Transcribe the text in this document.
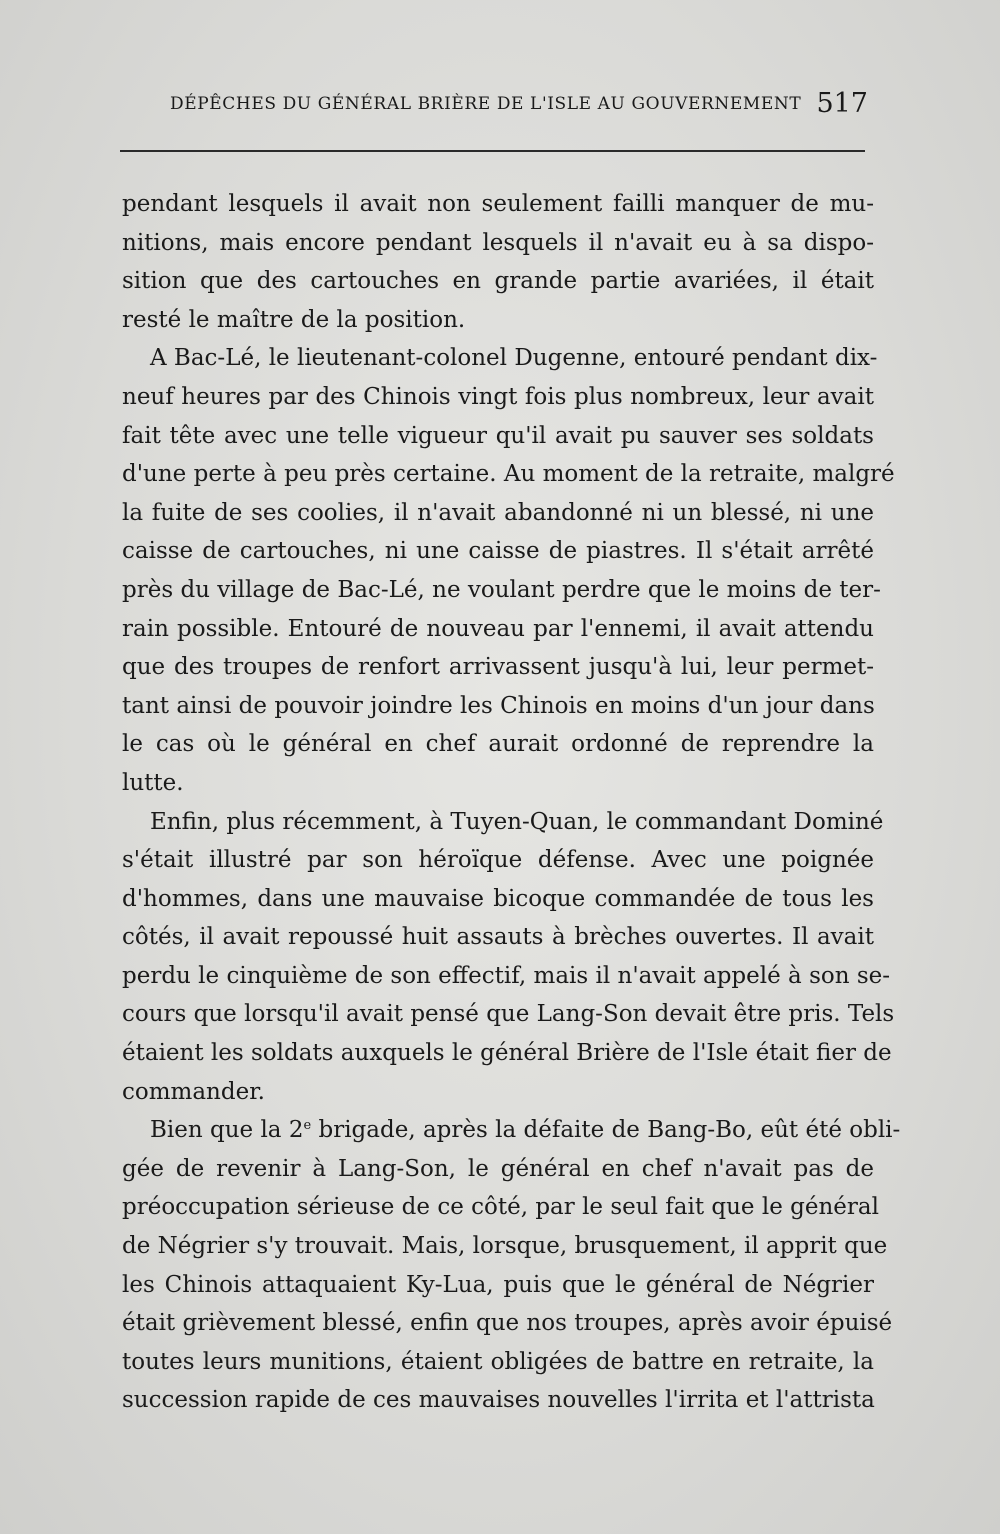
DÉPÊCHES DU GÉNÉRAL BRIÈRE DE L'ISLE AU GOUVERNEMENT 517
pendant lesquels il avait non seulement failli manquer de mu-
nitions, mais encore pendant lesquels il n'avait eu à sa dispo-
sition que des cartouches en grande partie avariées, il était
resté le maître de la position.
A Bac-Lé, le lieutenant-colonel Dugenne, entouré pendant dix-
neuf heures par des Chinois vingt fois plus nombreux, leur avait
fait tête avec une telle vigueur qu'il avait pu sauver ses soldats
d'une perte à peu près certaine. Au moment de la retraite, malgré
la fuite de ses coolies, il n'avait abandonné ni un blessé, ni une
caisse de cartouches, ni une caisse de piastres. Il s'était arrêté
près du village de Bac-Lé, ne voulant perdre que le moins de ter-
rain possible. Entouré de nouveau par l'ennemi, il avait attendu
que des troupes de renfort arrivassent jusqu'à lui, leur permet-
tant ainsi de pouvoir joindre les Chinois en moins d'un jour dans
le cas où le général en chef aurait ordonné de reprendre la
lutte.
Enfin, plus récemment, à Tuyen-Quan, le commandant Dominé
s'était illustré par son héroïque défense. Avec une poignée
d'hommes, dans une mauvaise bicoque commandée de tous les
côtés, il avait repoussé huit assauts à brèches ouvertes. Il avait
perdu le cinquième de son effectif, mais il n'avait appelé à son se-
cours que lorsqu'il avait pensé que Lang-Son devait être pris. Tels
étaient les soldats auxquels le général Brière de l'Isle était fier de
commander.
Bien que la 2e brigade, après la défaite de Bang-Bo, eût été obli-
gée de revenir à Lang-Son, le général en chef n'avait pas de
préoccupation sérieuse de ce côté, par le seul fait que le général
de Négrier s'y trouvait. Mais, lorsque, brusquement, il apprit que
les Chinois attaquaient Ky-Lua, puis que le général de Négrier
était grièvement blessé, enfin que nos troupes, après avoir épuisé
toutes leurs munitions, étaient obligées de battre en retraite, la
succession rapide de ces mauvaises nouvelles l'irrita et l'attrista
